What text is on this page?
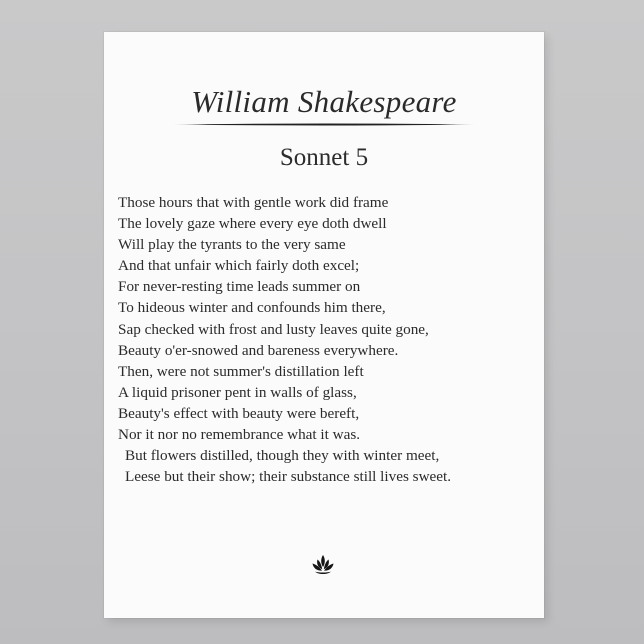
William Shakespeare
Sonnet 5
Those hours that with gentle work did frame
The lovely gaze where every eye doth dwell
Will play the tyrants to the very same
And that unfair which fairly doth excel;
For never-resting time leads summer on
To hideous winter and confounds him there,
Sap checked with frost and lusty leaves quite gone,
Beauty o'er-snowed and bareness everywhere.
Then, were not summer's distillation left
A liquid prisoner pent in walls of glass,
Beauty's effect with beauty were bereft,
Nor it nor no remembrance what it was.
But flowers distilled, though they with winter meet,
Leese but their show; their substance still lives sweet.
